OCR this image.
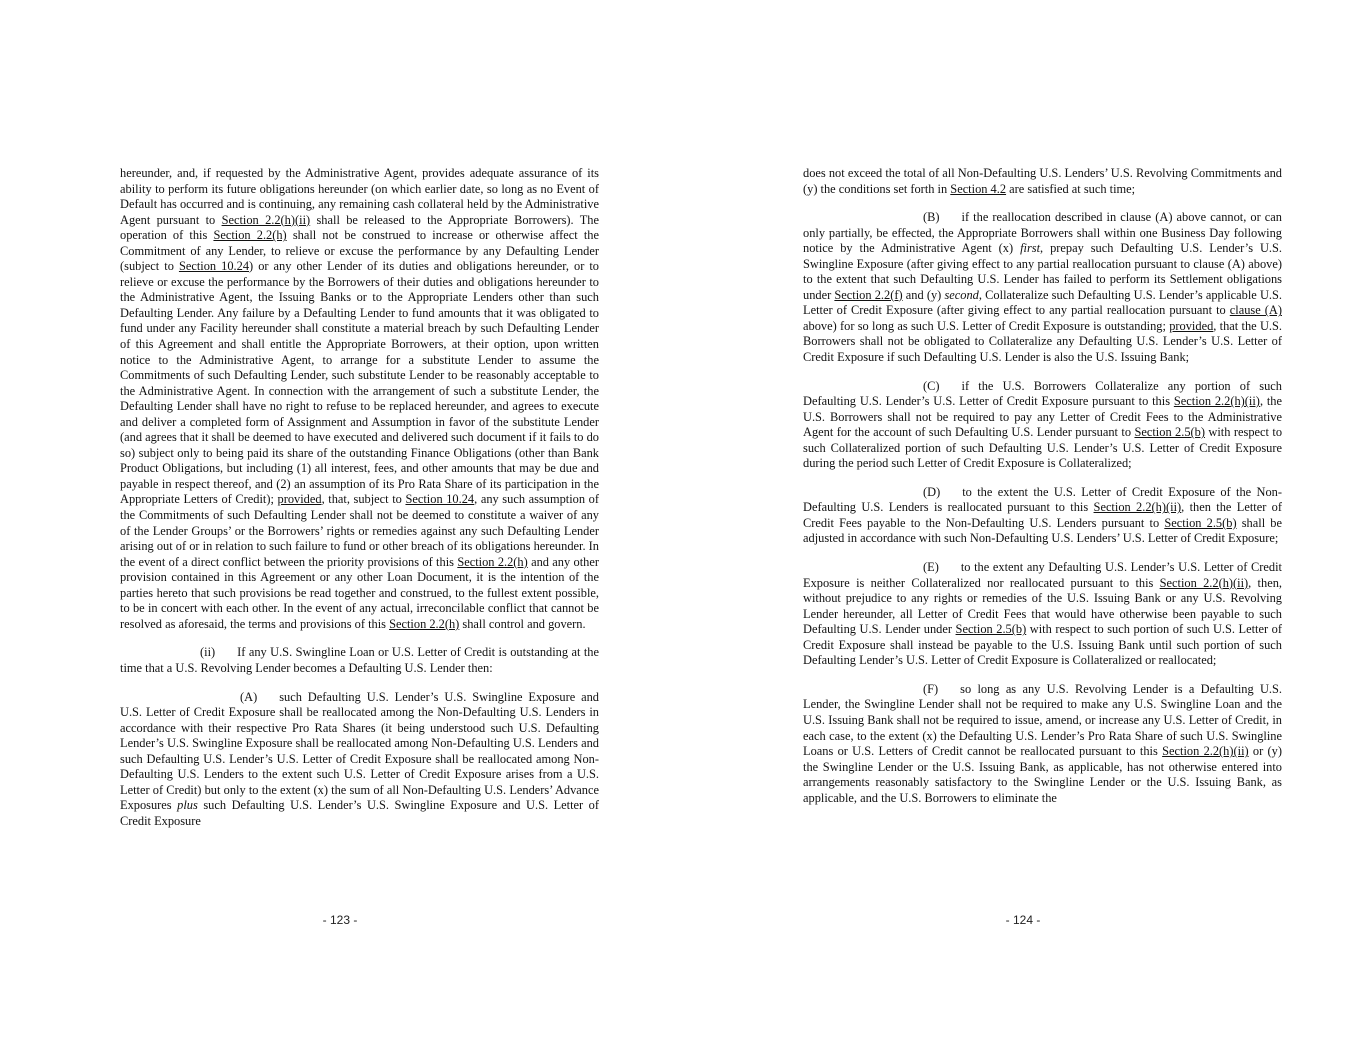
hereunder, and, if requested by the Administrative Agent, provides adequate assurance of its ability to perform its future obligations hereunder (on which earlier date, so long as no Event of Default has occurred and is continuing, any remaining cash collateral held by the Administrative Agent pursuant to Section 2.2(h)(ii) shall be released to the Appropriate Borrowers). The operation of this Section 2.2(h) shall not be construed to increase or otherwise affect the Commitment of any Lender, to relieve or excuse the performance by any Defaulting Lender (subject to Section 10.24) or any other Lender of its duties and obligations hereunder, or to relieve or excuse the performance by the Borrowers of their duties and obligations hereunder to the Administrative Agent, the Issuing Banks or to the Appropriate Lenders other than such Defaulting Lender. Any failure by a Defaulting Lender to fund amounts that it was obligated to fund under any Facility hereunder shall constitute a material breach by such Defaulting Lender of this Agreement and shall entitle the Appropriate Borrowers, at their option, upon written notice to the Administrative Agent, to arrange for a substitute Lender to assume the Commitments of such Defaulting Lender, such substitute Lender to be reasonably acceptable to the Administrative Agent. In connection with the arrangement of such a substitute Lender, the Defaulting Lender shall have no right to refuse to be replaced hereunder, and agrees to execute and deliver a completed form of Assignment and Assumption in favor of the substitute Lender (and agrees that it shall be deemed to have executed and delivered such document if it fails to do so) subject only to being paid its share of the outstanding Finance Obligations (other than Bank Product Obligations, but including (1) all interest, fees, and other amounts that may be due and payable in respect thereof, and (2) an assumption of its Pro Rata Share of its participation in the Appropriate Letters of Credit); provided, that, subject to Section 10.24, any such assumption of the Commitments of such Defaulting Lender shall not be deemed to constitute a waiver of any of the Lender Groups’ or the Borrowers’ rights or remedies against any such Defaulting Lender arising out of or in relation to such failure to fund or other breach of its obligations hereunder. In the event of a direct conflict between the priority provisions of this Section 2.2(h) and any other provision contained in this Agreement or any other Loan Document, it is the intention of the parties hereto that such provisions be read together and construed, to the fullest extent possible, to be in concert with each other. In the event of any actual, irreconcilable conflict that cannot be resolved as aforesaid, the terms and provisions of this Section 2.2(h) shall control and govern.

(ii) If any U.S. Swingline Loan or U.S. Letter of Credit is outstanding at the time that a U.S. Revolving Lender becomes a Defaulting U.S. Lender then:

(A) such Defaulting U.S. Lender’s U.S. Swingline Exposure and U.S. Letter of Credit Exposure shall be reallocated among the Non-Defaulting U.S. Lenders in accordance with their respective Pro Rata Shares (it being understood such U.S. Defaulting Lender’s U.S. Swingline Exposure shall be reallocated among Non-Defaulting U.S. Lenders and such Defaulting U.S. Lender’s U.S. Letter of Credit Exposure shall be reallocated among Non-Defaulting U.S. Lenders to the extent such U.S. Letter of Credit Exposure arises from a U.S. Letter of Credit) but only to the extent (x) the sum of all Non-Defaulting U.S. Lenders’ Advance Exposures plus such Defaulting U.S. Lender’s U.S. Swingline Exposure and U.S. Letter of Credit Exposure

- 123 -

does not exceed the total of all Non-Defaulting U.S. Lenders’ U.S. Revolving Commitments and (y) the conditions set forth in Section 4.2 are satisfied at such time;

(B) if the reallocation described in clause (A) above cannot, or can only partially, be effected, the Appropriate Borrowers shall within one Business Day following notice by the Administrative Agent (x) first, prepay such Defaulting U.S. Lender’s U.S. Swingline Exposure (after giving effect to any partial reallocation pursuant to clause (A) above) to the extent that such Defaulting U.S. Lender has failed to perform its Settlement obligations under Section 2.2(f) and (y) second, Collateralize such Defaulting U.S. Lender’s applicable U.S. Letter of Credit Exposure (after giving effect to any partial reallocation pursuant to clause (A) above) for so long as such U.S. Letter of Credit Exposure is outstanding; provided, that the U.S. Borrowers shall not be obligated to Collateralize any Defaulting U.S. Lender’s U.S. Letter of Credit Exposure if such Defaulting U.S. Lender is also the U.S. Issuing Bank;

(C) if the U.S. Borrowers Collateralize any portion of such Defaulting U.S. Lender’s U.S. Letter of Credit Exposure pursuant to this Section 2.2(h)(ii), the U.S. Borrowers shall not be required to pay any Letter of Credit Fees to the Administrative Agent for the account of such Defaulting U.S. Lender pursuant to Section 2.5(b) with respect to such Collateralized portion of such Defaulting U.S. Lender’s U.S. Letter of Credit Exposure during the period such Letter of Credit Exposure is Collateralized;

(D) to the extent the U.S. Letter of Credit Exposure of the Non-Defaulting U.S. Lenders is reallocated pursuant to this Section 2.2(h)(ii), then the Letter of Credit Fees payable to the Non-Defaulting U.S. Lenders pursuant to Section 2.5(b) shall be adjusted in accordance with such Non-Defaulting U.S. Lenders’ U.S. Letter of Credit Exposure;

(E) to the extent any Defaulting U.S. Lender’s U.S. Letter of Credit Exposure is neither Collateralized nor reallocated pursuant to this Section 2.2(h)(ii), then, without prejudice to any rights or remedies of the U.S. Issuing Bank or any U.S. Revolving Lender hereunder, all Letter of Credit Fees that would have otherwise been payable to such Defaulting U.S. Lender under Section 2.5(b) with respect to such portion of such U.S. Letter of Credit Exposure shall instead be payable to the U.S. Issuing Bank until such portion of such Defaulting Lender’s U.S. Letter of Credit Exposure is Collateralized or reallocated;

(F) so long as any U.S. Revolving Lender is a Defaulting U.S. Lender, the Swingline Lender shall not be required to make any U.S. Swingline Loan and the U.S. Issuing Bank shall not be required to issue, amend, or increase any U.S. Letter of Credit, in each case, to the extent (x) the Defaulting U.S. Lender’s Pro Rata Share of such U.S. Swingline Loans or U.S. Letters of Credit cannot be reallocated pursuant to this Section 2.2(h)(ii) or (y) the Swingline Lender or the U.S. Issuing Bank, as applicable, has not otherwise entered into arrangements reasonably satisfactory to the Swingline Lender or the U.S. Issuing Bank, as applicable, and the U.S. Borrowers to eliminate the

- 124 -
